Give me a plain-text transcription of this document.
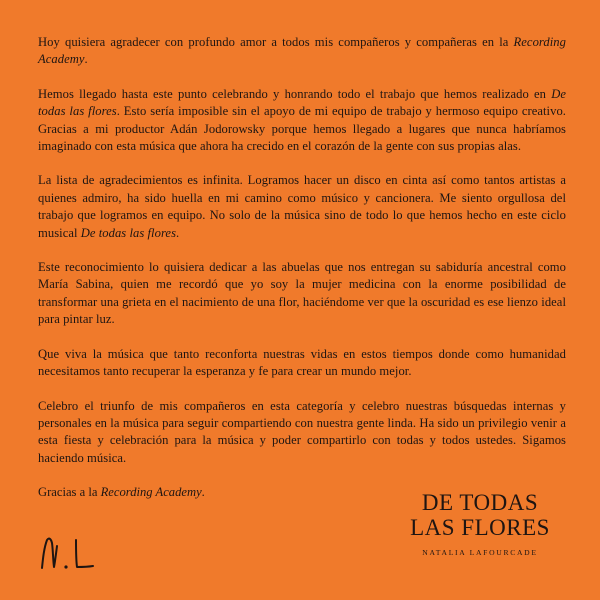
Hoy quisiera agradecer con profundo amor a todos mis compañeros y compañeras en la Recording Academy.

Hemos llegado hasta este punto celebrando y honrando todo el trabajo que hemos realizado en De todas las flores. Esto sería imposible sin el apoyo de mi equipo de trabajo y hermoso equipo creativo. Gracias a mi productor Adán Jodorowsky porque hemos llegado a lugares que nunca habríamos imaginado con esta música que ahora ha crecido en el corazón de la gente con sus propias alas.

La lista de agradecimientos es infinita. Logramos hacer un disco en cinta así como tantos artistas a quienes admiro, ha sido huella en mi camino como músico y cancionera. Me siento orgullosa del trabajo que logramos en equipo. No solo de la música sino de todo lo que hemos hecho en este ciclo musical De todas las flores.

Este reconocimiento lo quisiera dedicar a las abuelas que nos entregan su sabiduría ancestral como María Sabina, quien me recordó que yo soy la mujer medicina con la enorme posibilidad de transformar una grieta en el nacimiento de una flor, haciéndome ver que la oscuridad es ese lienzo ideal para pintar luz.

Que viva la música que tanto reconforta nuestras vidas en estos tiempos donde como humanidad necesitamos tanto recuperar la esperanza y fe para crear un mundo mejor.

Celebro el triunfo de mis compañeros en esta categoría y celebro nuestras búsquedas internas y personales en la música para seguir compartiendo con nuestra gente linda. Ha sido un privilegio venir a esta fiesta y celebración para la música y poder compartirlo con todas y todos ustedes. Sigamos haciendo música.

Gracias a la Recording Academy.	DE TODAS

LAS FLORES

NATALIA LAFOURCADE
